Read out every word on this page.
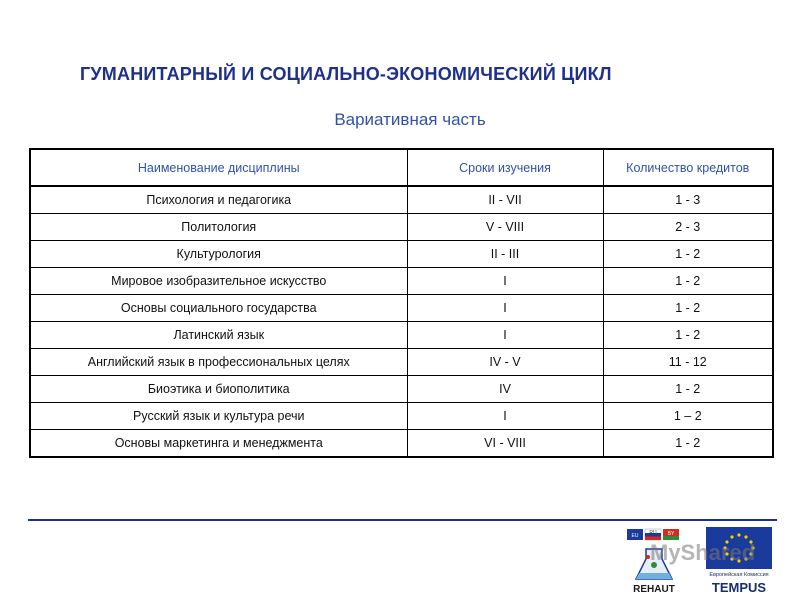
ГУМАНИТАРНЫЙ И СОЦИАЛЬНО-ЭКОНОМИЧЕСКИЙ ЦИКЛ
Вариативная часть
Наименование дисциплины	Сроки изучения	Количество кредитов
Психология и педагогика	II - VII	1 - 3
Политология	V - VIII	2 - 3
Культурология	II - III	1 - 2
Мировое изобразительное искусство	I	1 - 2
Основы социального государства	I	1 - 2
Латинский язык	I	1 - 2
Английский язык в профессиональных целях	IV - V	11 - 12
Биоэтика и биополитика	IV	1 - 2
Русский язык и культура речи	I	1 – 2
Основы маркетинга и менеджмента	VI - VIII	1 - 2
EU RU BY
REHAUT
Европейская Комиссия
TEMPUS
MyShared
